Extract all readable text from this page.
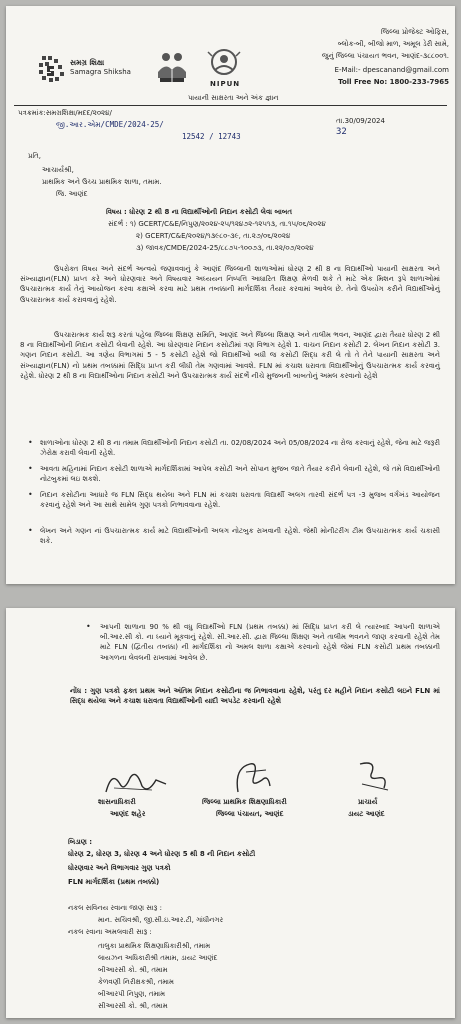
સમગ્ર શિક્ષા
Samagra Shiksha
NIPUN
જિલ્લા પ્રોજેક્ટ ઓફિસ,
બ્લોક-બી, બીજો માળ, અમૂલ ડેરી સામે,
જુનું જિલ્લા પંચાયત ભવન, આણંદ-૩૮૮૦૦૧.
E-Mail:- dpescanand@gmail.com
Toll Free No: 1800-233-7965
પાયાની સાક્ષરતા અને અંક જ્ઞાન
પત્રક્રમાંક:સમગ્રશિક્ષા/મદદ/૨૦૨૪/
જી.આર.એમ/CMDE/2024-25/
12542 / 12743	32
તા.30/09/2024
પ્રતિ,
આચાર્યશ્રી,
પ્રાથમિક અને ઉચ્ચ પ્રાથમિક શાળા, તમામ.
જિ. આણંદ
વિષય : ધોરણ 2 થી 8 ના વિદ્યાર્થીઓની નિદાન કસોટી લેવા બાબત
સંદર્ભ : ૧) GCERT/C&E/નિપુણ/૨૦૨૪-૨૫/૧૨૪૭૨-૧૨૫૧૩, તા.૧૫/૦૬/૨૦૨૪
૨) GCERT/C&E/૨૦૨૪/૧૩૯૮૦-૩૯, તા.૨૭/૦૬/૨૦૨૪
૩) જાવક/CMDE/2024-25/૮૮૭૫-૧૦૦૭૩, તા.૨૨/૦૭/૨૦૨૪
ઉપરોક્ત વિષય અને સંદર્ભ અન્વયે જણાવવાનું કે આણંદ જિલ્લાની શાળાઓમાં ધોરણ 2 થી 8 ના વિદ્યાર્થીઓ પાયાની સાક્ષરતા અને સંખ્યાજ્ઞાન(FLN) પ્રાપ્ત કરે અને ધોરણવાર અને વિષયવાર અધ્યયન નિષ્પત્તિ આધારિત શિક્ષણ મેળવી શકે તે માટે એક મિશન રૂપે શાળાઓમાં ઉપચારાત્મક કાર્ય તેનું આયોજન કરવા કક્ષાએ કરવા માટે પ્રથમ તબક્કાની માર્ગદર્શિકા તૈયાર કરવામાં આવેલ છે. તેનો ઉપયોગ કરીને વિદ્યાર્થીઓનું ઉપચારાત્મક કાર્ય કરાવવાનું રહેશે.
ઉપચારાત્મક કાર્ય શરૂ કરતાં પહેલા જિલ્લા શિક્ષણ સમિતિ, આણંદ અને જિલ્લા શિક્ષણ અને તાલીમ ભવન, આણંદ દ્વારા તૈયાર ધોરણ 2 થી 8 ના વિદ્યાર્થીઓની નિદાન કસોટી લેવાની રહેશે. આ ધોરણવાર નિદાન કસોટીમાં ત્રણ વિભાગ રહેશે 1. વાચન નિદાન કસોટી 2. લેખન નિદાન કસોટી 3. ગણન નિદાન કસોટી. આ ત્રણેય વિભાગમાં 5 - 5 કસોટી રહેશે જો વિદ્યાર્થીઓ બધી જ કસોટી સિદ્ધ કરી લે તો તે તેને પાયાની સાક્ષરતા અને સંખ્યાજ્ઞાન(FLN) નો પ્રથમ તબક્કામાં સિદ્ધિ પ્રાપ્ત કરી લીધી તેમ ગણવામાં આવશે. FLN માં કચાશ ધરાવતા વિદ્યાર્થીઓનું ઉપચારાત્મક કાર્ય કરવાનું રહેશે. ધોરણ 2 થી 8 ના વિદ્યાર્થીઓના નિદાન કસોટી અને ઉપચારાત્મક કાર્ય સંદર્ભે નીચે મુજબની બાબતોનું અમલ કરવાનો રહેશે
• શાળાઓના ધોરણ 2 થી 8 ના તમામ વિદ્યાર્થીઓની નિદાન કસોટી તા. 02/08/2024 અને 05/08/2024 ના રોજ કરવાનું રહેશે, જેના માટે જરૂરી ઝેરોક્ષ કરાવી લેવાની રહેશે.
• આવતા મહિનામાં નિદાન કસોટી શાળાએ માર્ગદર્શિકામાં આપેલ કસોટી અને સોપાન મુજબ જાતે તૈયાર કરીને લેવાની રહેશે, જે તમે વિદ્યાર્થીઓની નોટબુકમાં લઇ શકશે.
• નિદાન કસોટીના આધારે જ FLN સિદ્ધ થયેલા અને FLN માં કચાશ ધરાવતા વિદ્યાર્થી અલગ તારવી સંદર્ભ પત્ર -3 મુજબ વર્ગખંડ આયોજન કરવાનું રહેશે અને આ સાથે સામેલ ગુણ પત્રકો નિભાવવાના રહેશે.
• લેખન અને ગણન નાં ઉપચારાત્મક કાર્ય માટે વિદ્યાર્થીઓની અલગ નોટબુક રાખવાની રહેશે. જેથી મોનીટરીંગ ટીમ ઉપચારાત્મક કાર્ય ચકાસી શકે.
• આપની શાળાના 90 % થી વધુ વિદ્યાર્થીઓ FLN (પ્રથમ તબક્કા) માં સિદ્ધિ પ્રાપ્ત કરી લે ત્યારબાદ આપની શાળાએ બી.આર.સી કો. ના ધ્યાને મૂકવાનું રહેશે. સી.આર.સી. દ્વારા જિલ્લા શિક્ષણ અને તાલીમ ભવનને જાણ કરવાની રહેશે તેમ માટે FLN (દ્વિતીય તબક્કા) ની માર્ગદર્શિકા નો અમલ શાળા કક્ષાએ કરવાનો રહેશે જેમાં FLN કસોટી પ્રથમ તબક્કાની આગળના લેવલની રાખવામાં આવેલ છે.
નોંધ : ગુણ પત્રકો ફક્ત પ્રથમ અને અંતિમ નિદાન કસોટીના જ નિભાવવાના રહેશે, પરંતુ દર મહીને નિદાન કસોટી લઇને FLN માં સિદ્ધ થયેલા અને કચાશ ધરાવતા વિદ્યાર્થીઓની યાદી અપડેટ કરવાની રહેશે
શાસનાધિકારી
આણંદ શહેર
જિલ્લા પ્રાથમિક શિક્ષણાધિકારી
જિલ્લા પંચાયત, આણંદ
પ્રાચાર્ય
ડાયટ આણંદ
બિડાણ :
ધોરણ 2, ધોરણ 3, ધોરણ 4 અને ધોરણ 5 થી 8 ની નિદાન કસોટી
ધોરણવાર અને વિભાગવાર ગુણ પત્રકો
FLN માર્ગદર્શિકા (પ્રથમ તબક્કો)
નકલ સવિનય રવાના જાણ સારૂ :
માન. સચિવશ્રી, જી.સી.ઇ.આર.ટી, ગાંધીનગર
નકલ રવાના અમલવારી સારૂ :
તાલુકા પ્રાથમિક શિક્ષણાધિકારીશ્રી, તમામ
લાયઝન અધિકારીશ્રી તમામ, ડાયટ આણંદ
બીઆરસી કો. શ્રી, તમામ
કેળવણી નિરીક્ષકશ્રી, તમામ
બીઆરપી નિપુણ, તમામ
સીઆરસી કો. શ્રી, તમામ
